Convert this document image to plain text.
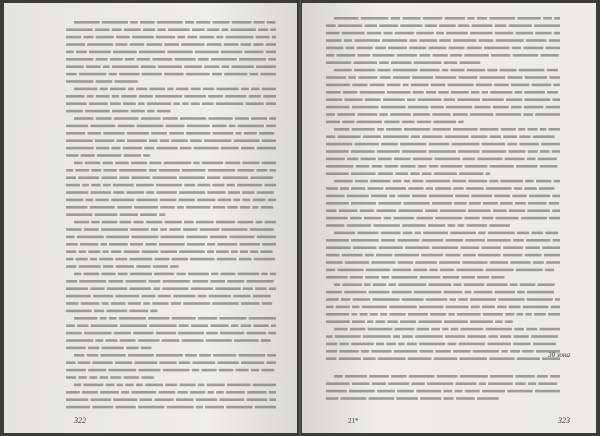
322
30 зона
21*	323
